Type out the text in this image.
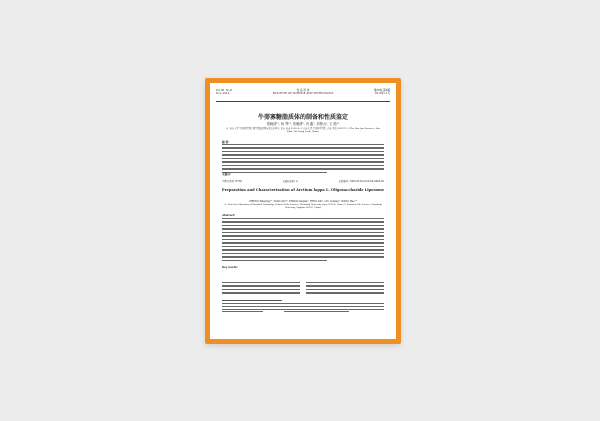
Vol.36  No.6
Nov. 2019
食 品 科 技
BULLETIN OF SCIENCE AND TECHNOLOGY
第36卷 第6期
2019年11月
牛蒡寡糖脂质体的制备和性质鉴定
郑婉清¹², 杨 琴¹³, 张雅倩², 冯 鑫³, 刘鲁山³, 王 皓¹³
(1. 山东大学 生命科学学院 微生物技术国家重点实验室, 山东 济南 250100; 2. 山东大学 生命科学学院, 山东 青岛 266237; 3. The Shu Jun Sciences, Shu Yuan, Tai Comp Lead, China)
摘 要:
关键词:
中图分类号: R730	文献标识码: A	文章编号: 1006-3218-2019-06-0463-06
Preparation and Characterization of Arctium lappa L. Oligosaccharide Liposome
ZHENG Wanqing¹², YANG Qin¹³, ZHANG Yaqian², FENG Xin³, LIU Lushan³, WANG Hao¹³
(1. State Key Laboratory of Microbial Technology, School of Life Sciences, Shandong University, Jinan 250100, China; 2. School of Life Sciences, Shandong University, Qingdao 266237, China)
Abstract:
Key words:
